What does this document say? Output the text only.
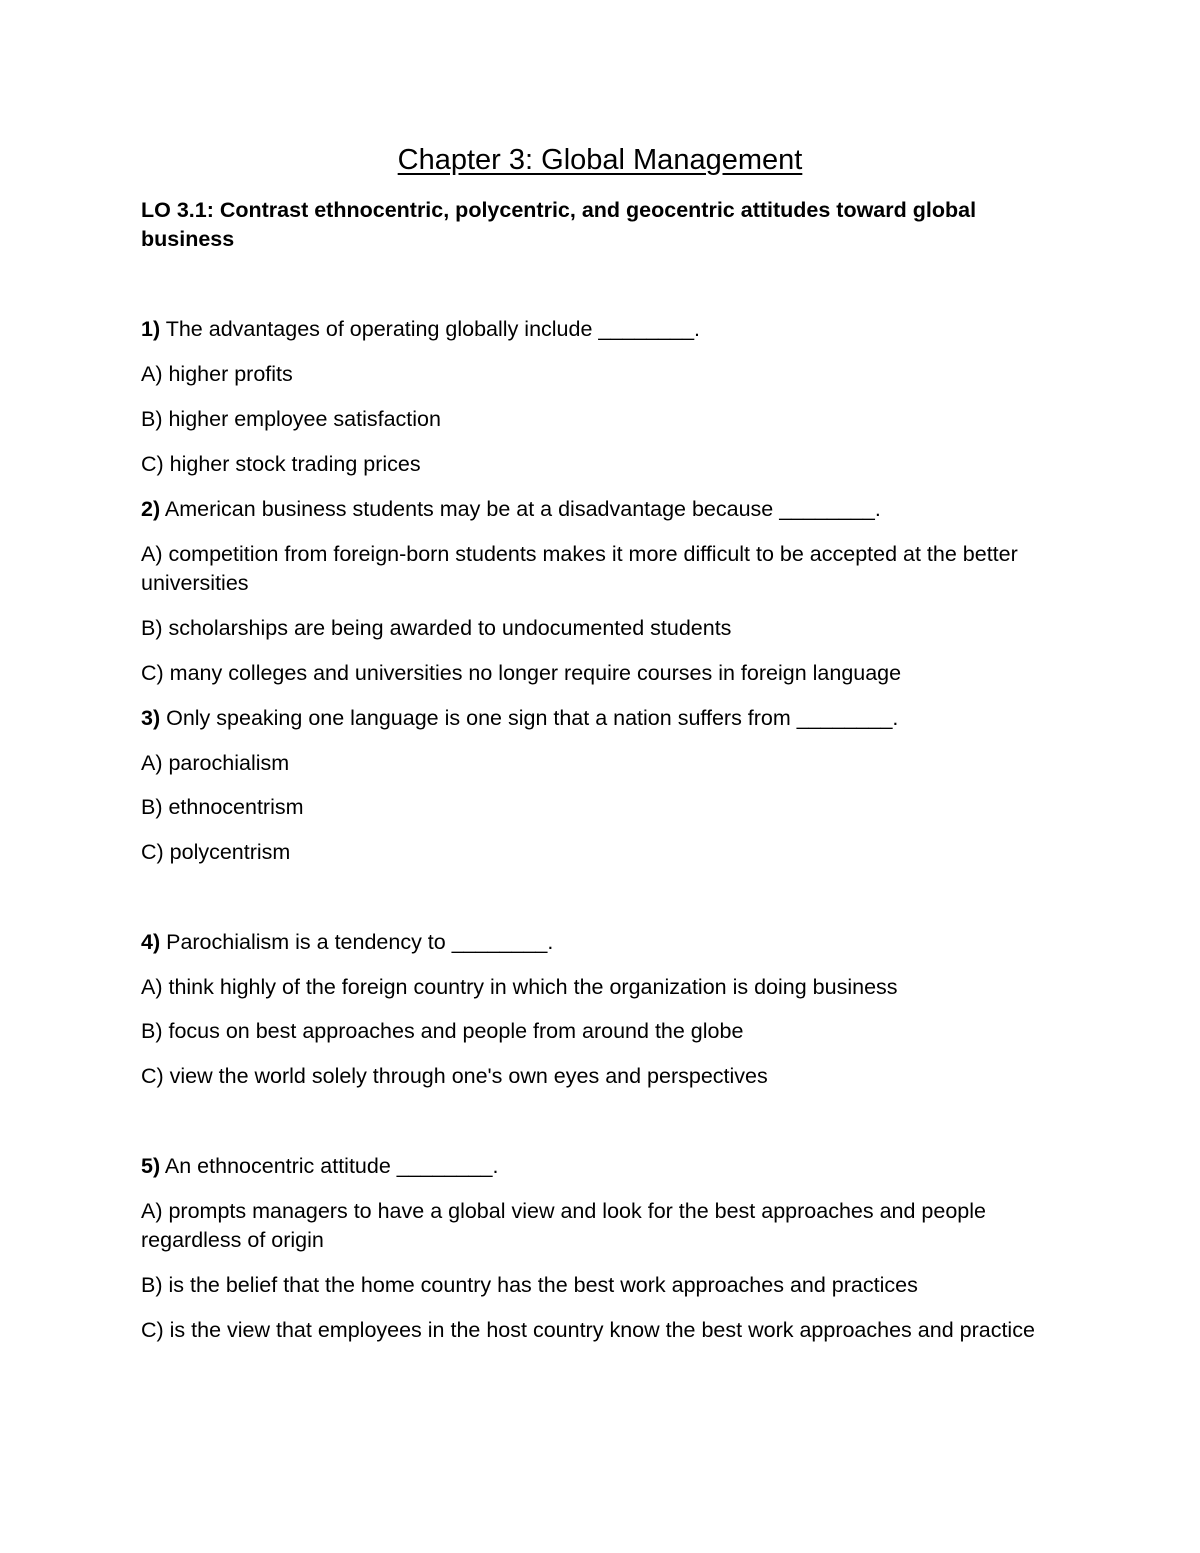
Chapter 3: Global Management
LO 3.1: Contrast ethnocentric, polycentric, and geocentric attitudes toward global business
1) The advantages of operating globally include ________.
A) higher profits
B) higher employee satisfaction
C) higher stock trading prices
2) American business students may be at a disadvantage because ________.
A) competition from foreign-born students makes it more difficult to be accepted at the better universities
B) scholarships are being awarded to undocumented students
C) many colleges and universities no longer require courses in foreign language
3) Only speaking one language is one sign that a nation suffers from ________.
A) parochialism
B) ethnocentrism
C) polycentrism
4) Parochialism is a tendency to ________.
A) think highly of the foreign country in which the organization is doing business
B) focus on best approaches and people from around the globe
C) view the world solely through one's own eyes and perspectives
5) An ethnocentric attitude ________.
A) prompts managers to have a global view and look for the best approaches and people regardless of origin
B) is the belief that the home country has the best work approaches and practices
C) is the view that employees in the host country know the best work approaches and practice
